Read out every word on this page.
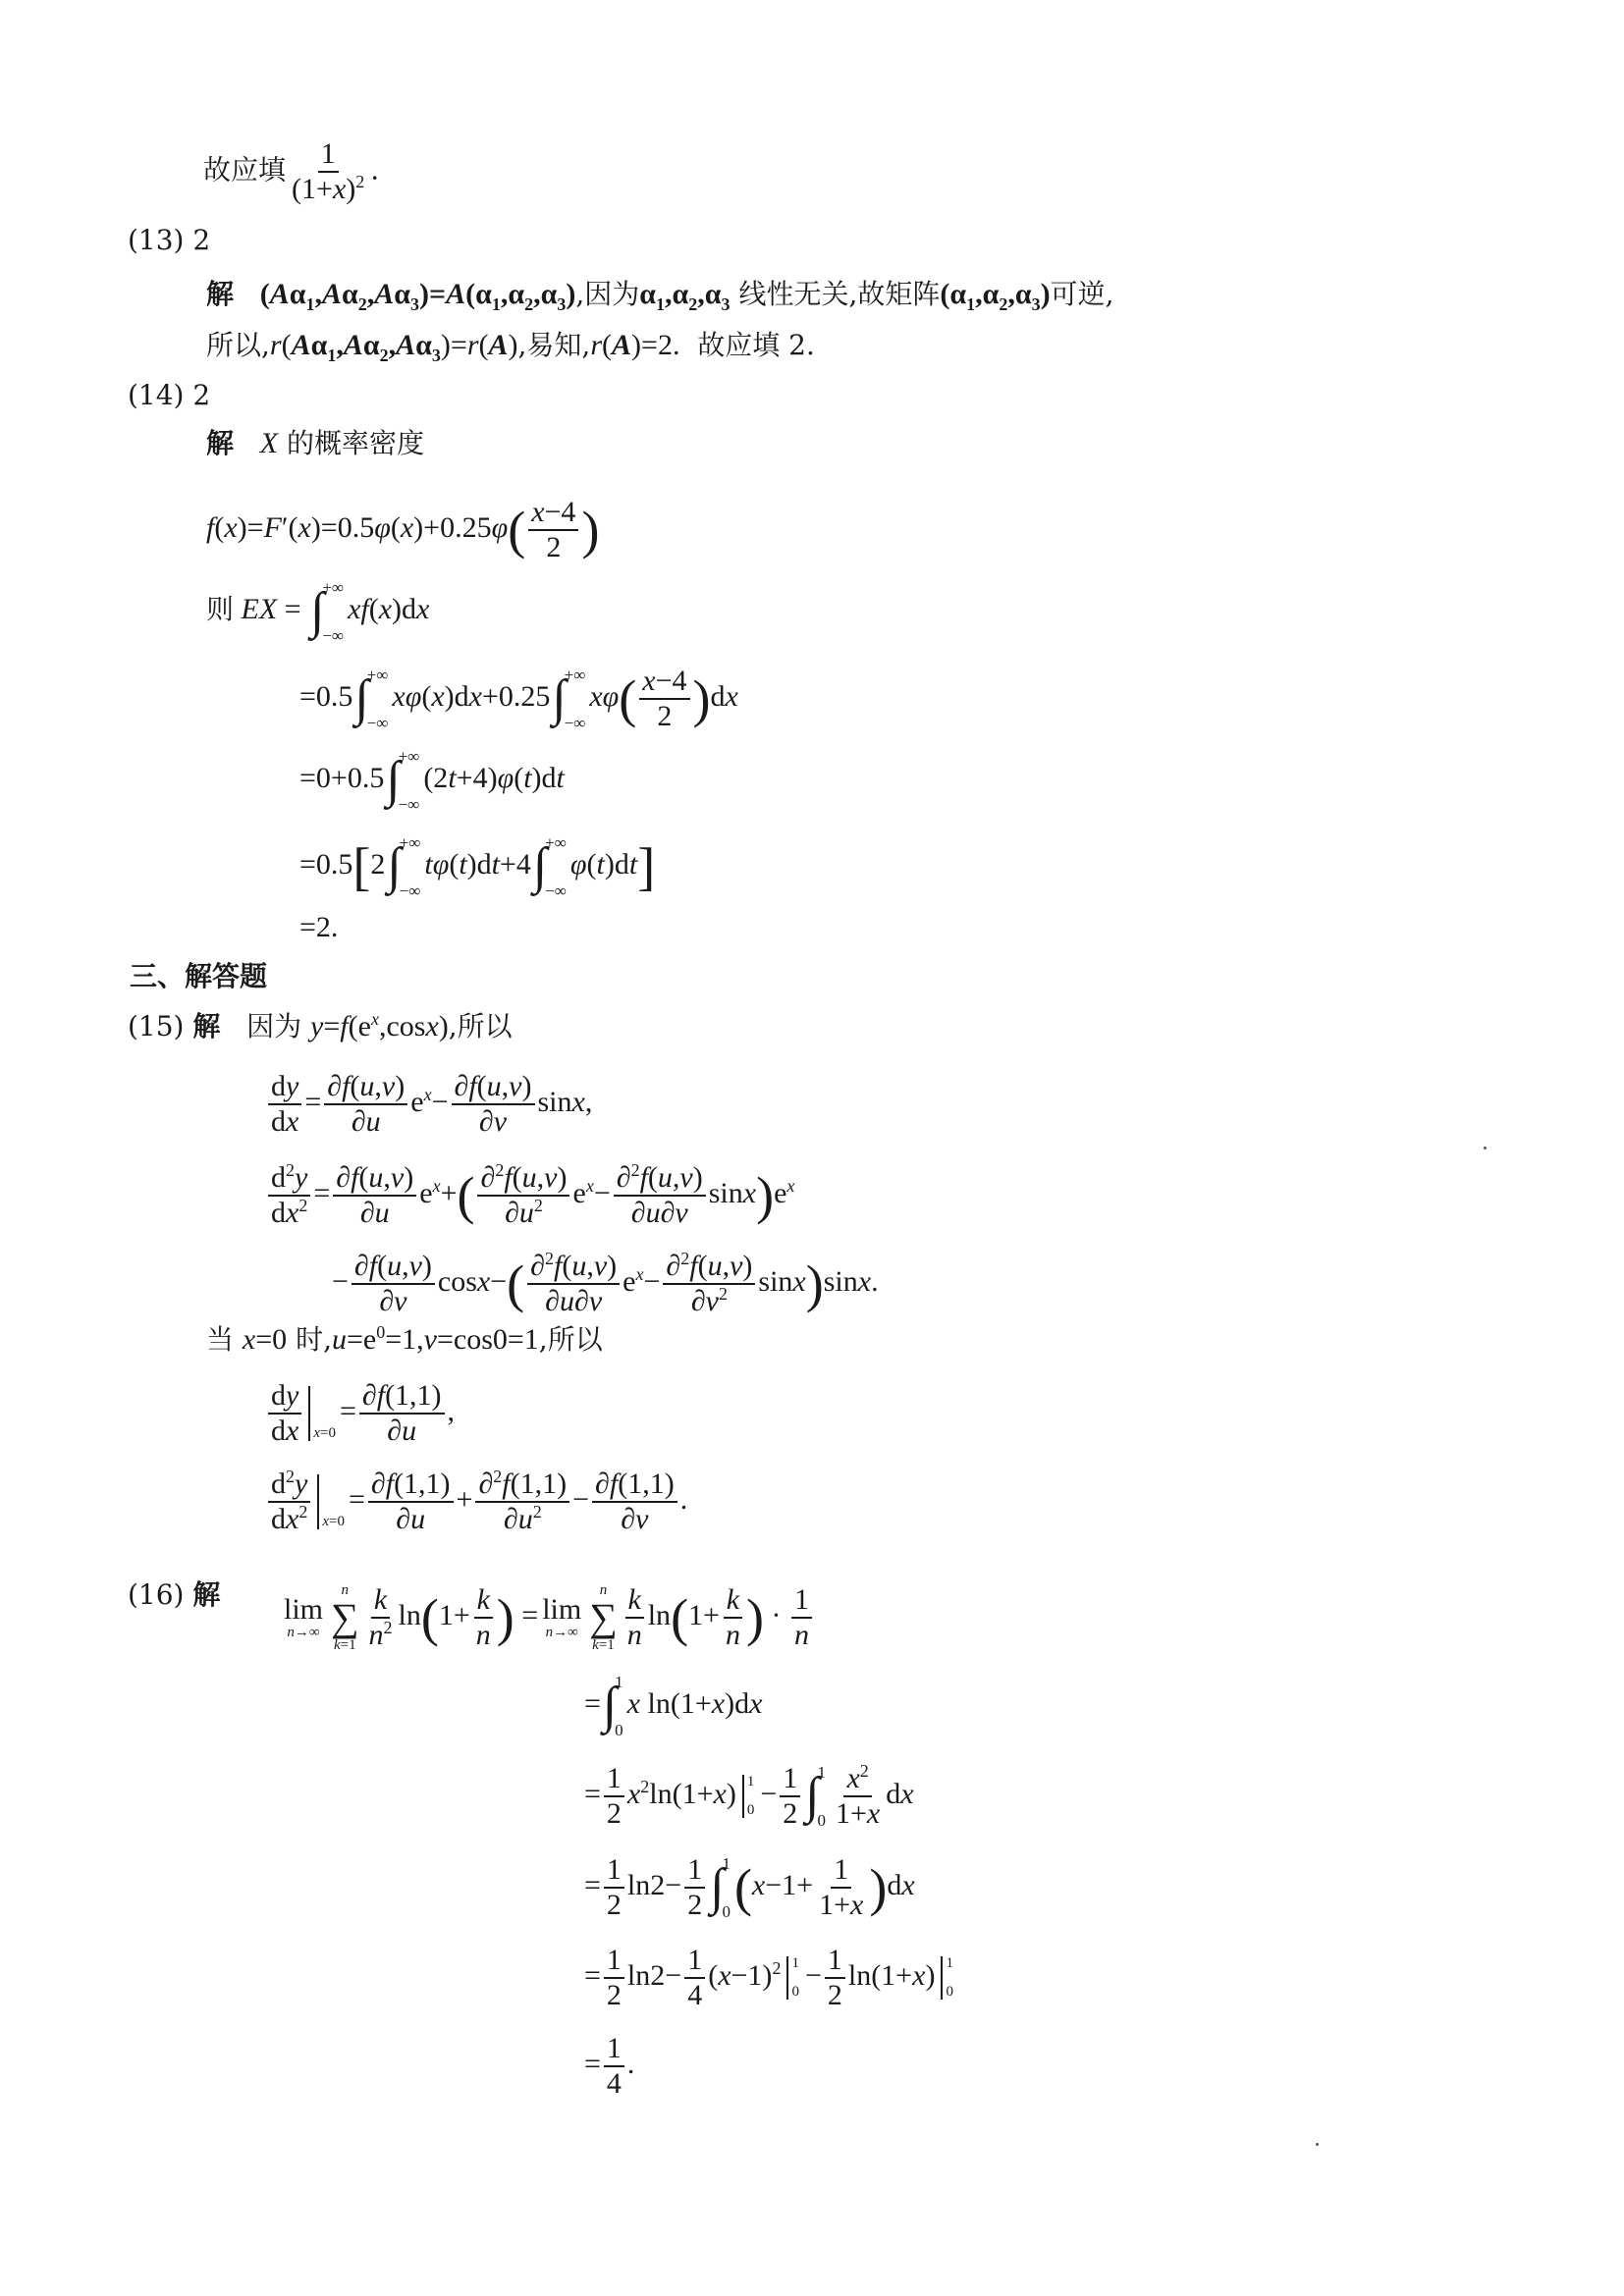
故应填 $\frac{1}{(1+x)^2}$ .
(13) 2
解 $(A\alpha_1,A\alpha_2,A\alpha_3)=A(\alpha_1,\alpha_2,\alpha_3)$,因为$\alpha_1,\alpha_2,\alpha_3$ 线性无关,故矩阵$(\alpha_1,\alpha_2,\alpha_3)$可逆,
所以$,r(A\alpha_1,A\alpha_2,A\alpha_3)=r(A)$,易知,r(A)=2. 故应填 2.
(14) 2
解 X 的概率密度
$f(x)=F'(x)=0.5\varphi(x)+0.25\varphi( \frac{x-4}{2}$ )
则 EX = ∫
+∞
−∞
xf(x)dx
=0.5 ∫
+∞
−∞
xφ(x)dx+0.25 ∫
+∞
−∞
$x\varphi( \frac{x-4}{2} )dx$
=0+0.5 ∫
+∞
−∞
(2t+4)φ(t)dt
=0.5[2 ∫
+∞
−∞
tφ(t)dt+4 ∫
+∞
−∞
φ(t)dt]
=2.
三、解答题
(15) 解 因为 $y=f(e^x,\cos x)$,所以
$\frac{dy}{dx} = \frac{\partial f(u,v)}{\partial u} e^x- \frac{\partial f(u,v)}{\partial v} \sin x$,
$\frac{d^2y}{dx^2} = \frac{\partial f(u,v)}{\partial u} e^x+( \frac{\partial^2f(u,v)}{\partial u^2} e^x- \frac{\partial^2f(u,v)}{\partial u\partial v} \sin x)e^x$
− $\frac{\partial f(u,v)}{\partial v} \cos x-( \frac{\partial^2f(u,v)}{\partial u\partial v} e^x- \frac{\partial^2f(u,v)}{\partial v^2} \sin x)\sin x$.
当 x=0 时$,u=e^0=1,v=\cos 0=1$,所以
$\frac{dy}{dx} x=0$
= $\frac{\partial f(1,1)}{\partial u}$ ,
$\frac{d^2y}{dx^2} x=0$
= $\frac{\partial f(1,1)}{\partial u} + \frac{\partial^2f(1,1)}{\partial u^2} - \frac{\partial f(1,1)}{\partial v}$ .
(16) 解 lim
n→∞
n
∑
$k=1 \frac{k}{n^2} \ln(1+ \frac{k}{n}$ ) = lim
n→∞
n
∑
$k=1 \frac{k}{n} \ln(1+ \frac{k}{n}$ ) · $\frac{1}{n}$
= ∫
1
0
x ln(1+x)dx
= $\frac{1}{2} x^2\ln(1+x)$ 1
0
− $\frac{1}{2}$ ∫
1
$0 \frac{x^2}{1+x}$ dx
= $\frac{1}{2} \ln 2- \frac{1}{2}$ ∫
1
0 $(x-1+ \frac{1}{1+x} )dx$
= $\frac{1}{2} \ln 2- \frac{1}{4} (x-1)^2$ 1
0
− $\frac{1}{2} \ln(1+x)$ 1
0
= $\frac{1}{4}$ .
